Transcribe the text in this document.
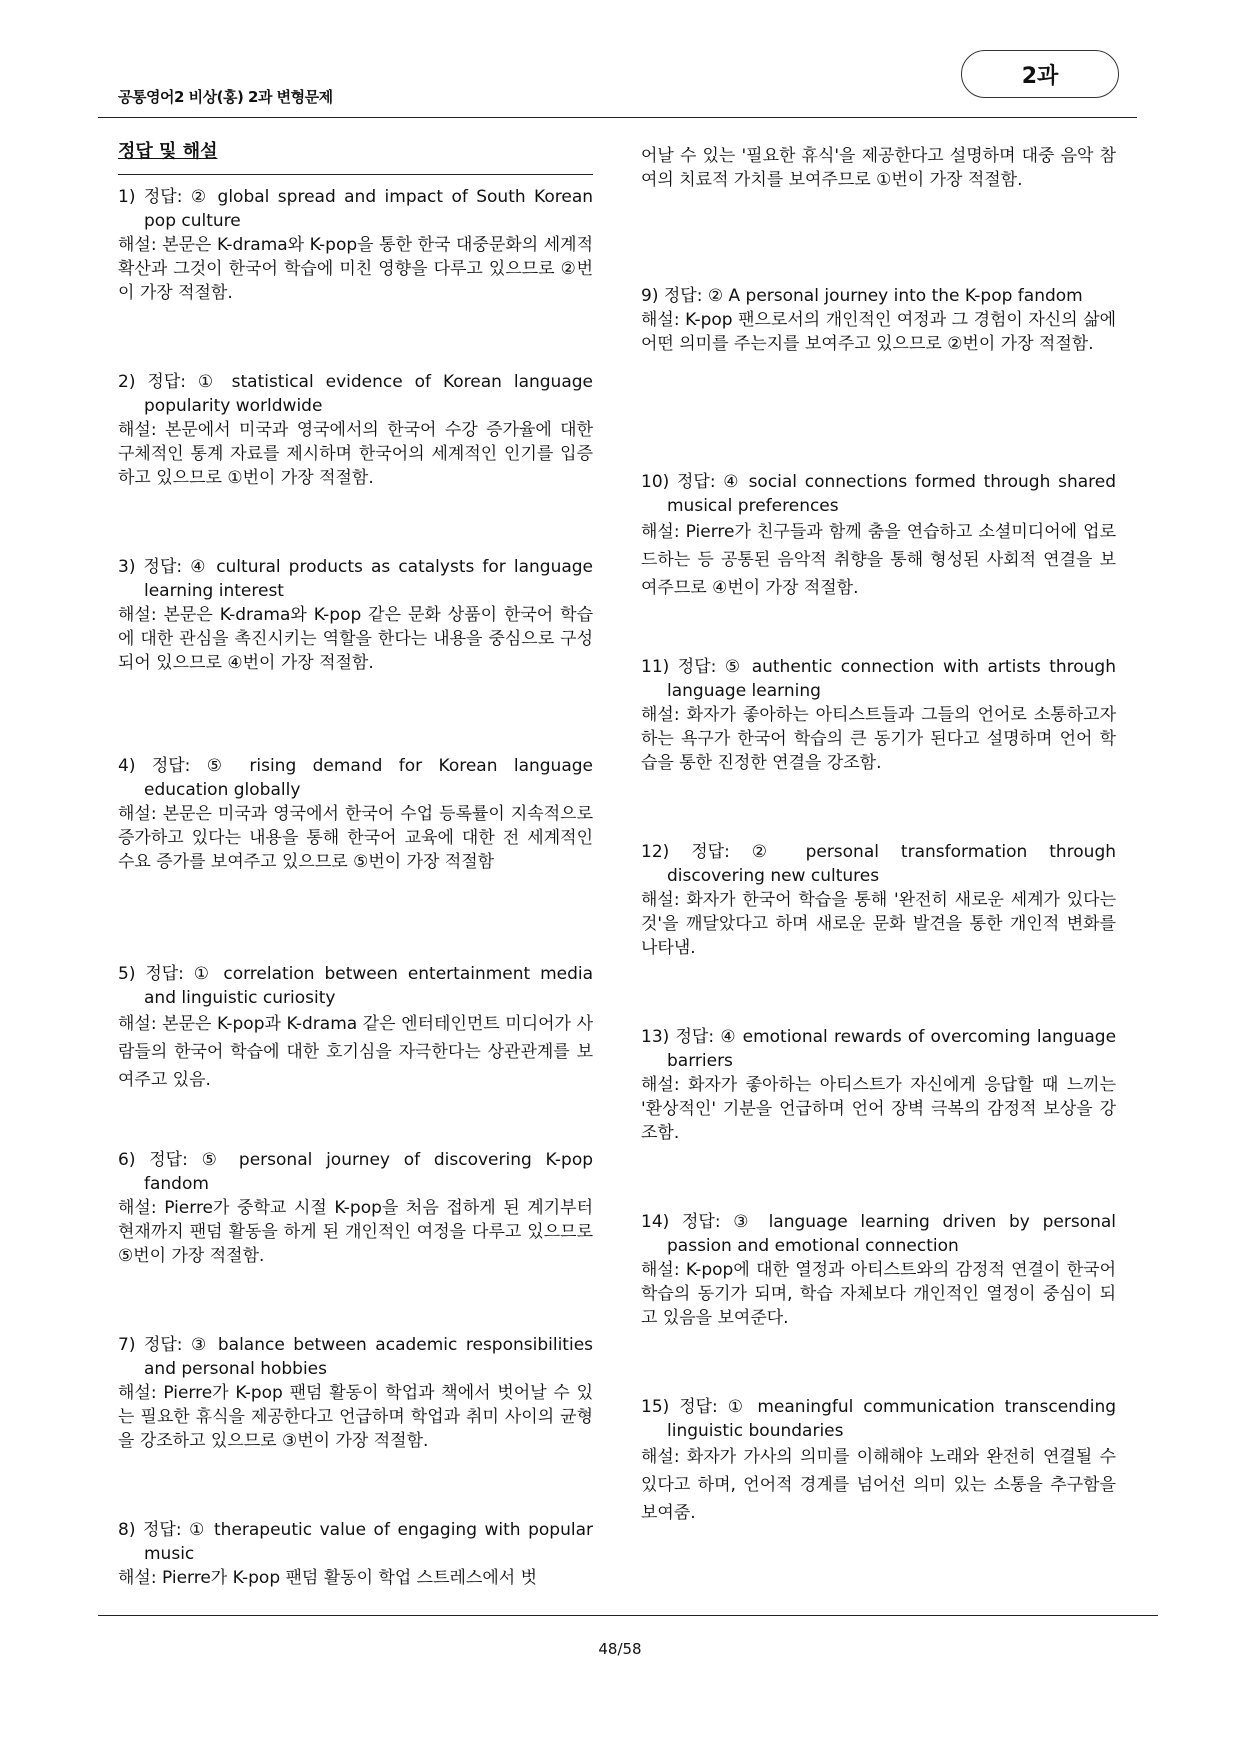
공통영어2 비상(홍) 2과 변형문제
2과
정답 및 해설
1) 정답: ② global spread and impact of South Korean pop culture
해설: 본문은 K-drama와 K-pop을 통한 한국 대중문화의 세계적 확산과 그것이 한국어 학습에 미친 영향을 다루고 있으므로 ②번이 가장 적절함.
2) 정답: ① statistical evidence of Korean language popularity worldwide
해설: 본문에서 미국과 영국에서의 한국어 수강 증가율에 대한 구체적인 통계 자료를 제시하며 한국어의 세계적인 인기를 입증하고 있으므로 ①번이 가장 적절함.
3) 정답: ④ cultural products as catalysts for language learning interest
해설: 본문은 K-drama와 K-pop 같은 문화 상품이 한국어 학습에 대한 관심을 촉진시키는 역할을 한다는 내용을 중심으로 구성되어 있으므로 ④번이 가장 적절함.
4) 정답: ⑤ rising demand for Korean language education globally
해설: 본문은 미국과 영국에서 한국어 수업 등록률이 지속적으로 증가하고 있다는 내용을 통해 한국어 교육에 대한 전 세계적인 수요 증가를 보여주고 있으므로 ⑤번이 가장 적절함
5) 정답: ① correlation between entertainment media and linguistic curiosity
해설: 본문은 K-pop과 K-drama 같은 엔터테인먼트 미디어가 사람들의 한국어 학습에 대한 호기심을 자극한다는 상관관계를 보여주고 있음.
6) 정답: ⑤ personal journey of discovering K-pop fandom
해설: Pierre가 중학교 시절 K-pop을 처음 접하게 된 계기부터 현재까지 팬덤 활동을 하게 된 개인적인 여정을 다루고 있으므로 ⑤번이 가장 적절함.
7) 정답: ③ balance between academic responsibilities and personal hobbies
해설: Pierre가 K-pop 팬덤 활동이 학업과 책에서 벗어날 수 있는 필요한 휴식을 제공한다고 언급하며 학업과 취미 사이의 균형을 강조하고 있으므로 ③번이 가장 적절함.
8) 정답: ① therapeutic value of engaging with popular music
해설: Pierre가 K-pop 팬덤 활동이 학업 스트레스에서 벗
어날 수 있는 '필요한 휴식'을 제공한다고 설명하며 대중 음악 참여의 치료적 가치를 보여주므로 ①번이 가장 적절함.
9) 정답: ② A personal journey into the K-pop fandom
해설: K-pop 팬으로서의 개인적인 여정과 그 경험이 자신의 삶에 어떤 의미를 주는지를 보여주고 있으므로 ②번이 가장 적절함.
10) 정답: ④ social connections formed through shared musical preferences
해설: Pierre가 친구들과 함께 춤을 연습하고 소셜미디어에 업로드하는 등 공통된 음악적 취향을 통해 형성된 사회적 연결을 보여주므로 ④번이 가장 적절함.
11) 정답: ⑤ authentic connection with artists through language learning
해설: 화자가 좋아하는 아티스트들과 그들의 언어로 소통하고자 하는 욕구가 한국어 학습의 큰 동기가 된다고 설명하며 언어 학습을 통한 진정한 연결을 강조함.
12) 정답: ② personal transformation through discovering new cultures
해설: 화자가 한국어 학습을 통해 '완전히 새로운 세계가 있다는 것'을 깨달았다고 하며 새로운 문화 발견을 통한 개인적 변화를 나타냄.
13) 정답: ④ emotional rewards of overcoming language barriers
해설: 화자가 좋아하는 아티스트가 자신에게 응답할 때 느끼는 '환상적인' 기분을 언급하며 언어 장벽 극복의 감정적 보상을 강조함.
14) 정답: ③ language learning driven by personal passion and emotional connection
해설: K-pop에 대한 열정과 아티스트와의 감정적 연결이 한국어 학습의 동기가 되며, 학습 자체보다 개인적인 열정이 중심이 되고 있음을 보여준다.
15) 정답: ① meaningful communication transcending linguistic boundaries
해설: 화자가 가사의 의미를 이해해야 노래와 완전히 연결될 수 있다고 하며, 언어적 경계를 넘어선 의미 있는 소통을 추구함을 보여줌.
48/58
